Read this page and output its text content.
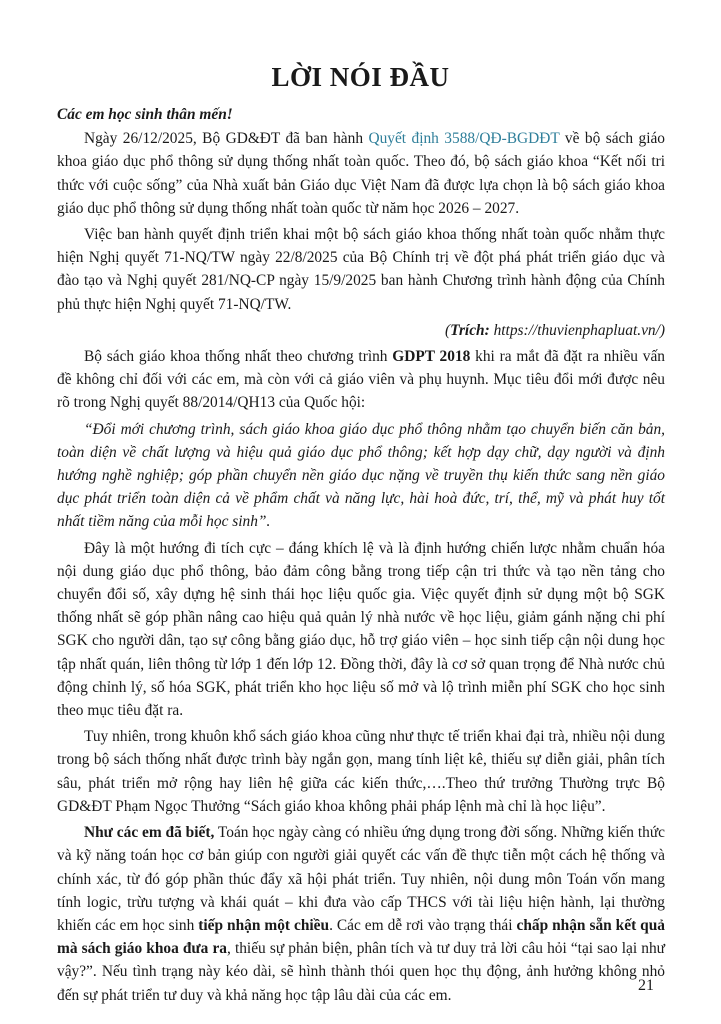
LỜI NÓI ĐẦU

Các em học sinh thân mến!

Ngày 26/12/2025, Bộ GD&ĐT đã ban hành Quyết định 3588/QĐ-BGDĐT về bộ sách giáo khoa giáo dục phổ thông sử dụng thống nhất toàn quốc. Theo đó, bộ sách giáo khoa “Kết nối tri thức với cuộc sống” của Nhà xuất bản Giáo dục Việt Nam đã được lựa chọn là bộ sách giáo khoa giáo dục phổ thông sử dụng thống nhất toàn quốc từ năm học 2026 – 2027.

Việc ban hành quyết định triển khai một bộ sách giáo khoa thống nhất toàn quốc nhằm thực hiện Nghị quyết 71-NQ/TW ngày 22/8/2025 của Bộ Chính trị về đột phá phát triển giáo dục và đào tạo và Nghị quyết 281/NQ-CP ngày 15/9/2025 ban hành Chương trình hành động của Chính phủ thực hiện Nghị quyết 71-NQ/TW.

(Trích: https://thuvienphapluat.vn/)

Bộ sách giáo khoa thống nhất theo chương trình GDPT 2018 khi ra mắt đã đặt ra nhiều vấn đề không chỉ đối với các em, mà còn với cả giáo viên và phụ huynh. Mục tiêu đổi mới được nêu rõ trong Nghị quyết 88/2014/QH13 của Quốc hội:

“Đổi mới chương trình, sách giáo khoa giáo dục phổ thông nhằm tạo chuyển biến căn bản, toàn diện về chất lượng và hiệu quả giáo dục phổ thông; kết hợp dạy chữ, dạy người và định hướng nghề nghiệp; góp phần chuyển nền giáo dục nặng về truyền thụ kiến thức sang nền giáo dục phát triển toàn diện cả về phẩm chất và năng lực, hài hoà đức, trí, thể, mỹ và phát huy tốt nhất tiềm năng của mỗi học sinh”.

Đây là một hướng đi tích cực – đáng khích lệ và là định hướng chiến lược nhằm chuẩn hóa nội dung giáo dục phổ thông, bảo đảm công bằng trong tiếp cận tri thức và tạo nền tảng cho chuyển đổi số, xây dựng hệ sinh thái học liệu quốc gia. Việc quyết định sử dụng một bộ SGK thống nhất sẽ góp phần nâng cao hiệu quả quản lý nhà nước về học liệu, giảm gánh nặng chi phí SGK cho người dân, tạo sự công bằng giáo dục, hỗ trợ giáo viên – học sinh tiếp cận nội dung học tập nhất quán, liên thông từ lớp 1 đến lớp 12. Đồng thời, đây là cơ sở quan trọng để Nhà nước chủ động chỉnh lý, số hóa SGK, phát triển kho học liệu số mở và lộ trình miễn phí SGK cho học sinh theo mục tiêu đặt ra.

Tuy nhiên, trong khuôn khổ sách giáo khoa cũng như thực tế triển khai đại trà, nhiều nội dung trong bộ sách thống nhất được trình bày ngắn gọn, mang tính liệt kê, thiếu sự diễn giải, phân tích sâu, phát triển mở rộng hay liên hệ giữa các kiến thức,….Theo thứ trưởng Thường trực Bộ GD&ĐT Phạm Ngọc Thưởng “Sách giáo khoa không phải pháp lệnh mà chỉ là học liệu”.

Như các em đã biết, Toán học ngày càng có nhiều ứng dụng trong đời sống. Những kiến thức và kỹ năng toán học cơ bản giúp con người giải quyết các vấn đề thực tiễn một cách hệ thống và chính xác, từ đó góp phần thúc đẩy xã hội phát triển. Tuy nhiên, nội dung môn Toán vốn mang tính logic, trừu tượng và khái quát – khi đưa vào cấp THCS với tài liệu hiện hành, lại thường khiến các em học sinh tiếp nhận một chiều. Các em dễ rơi vào trạng thái chấp nhận sẵn kết quả mà sách giáo khoa đưa ra, thiếu sự phản biện, phân tích và tư duy trả lời câu hỏi “tại sao lại như vậy?”. Nếu tình trạng này kéo dài, sẽ hình thành thói quen học thụ động, ảnh hưởng không nhỏ đến sự phát triển tư duy và khả năng học tập lâu dài của các em.

21
